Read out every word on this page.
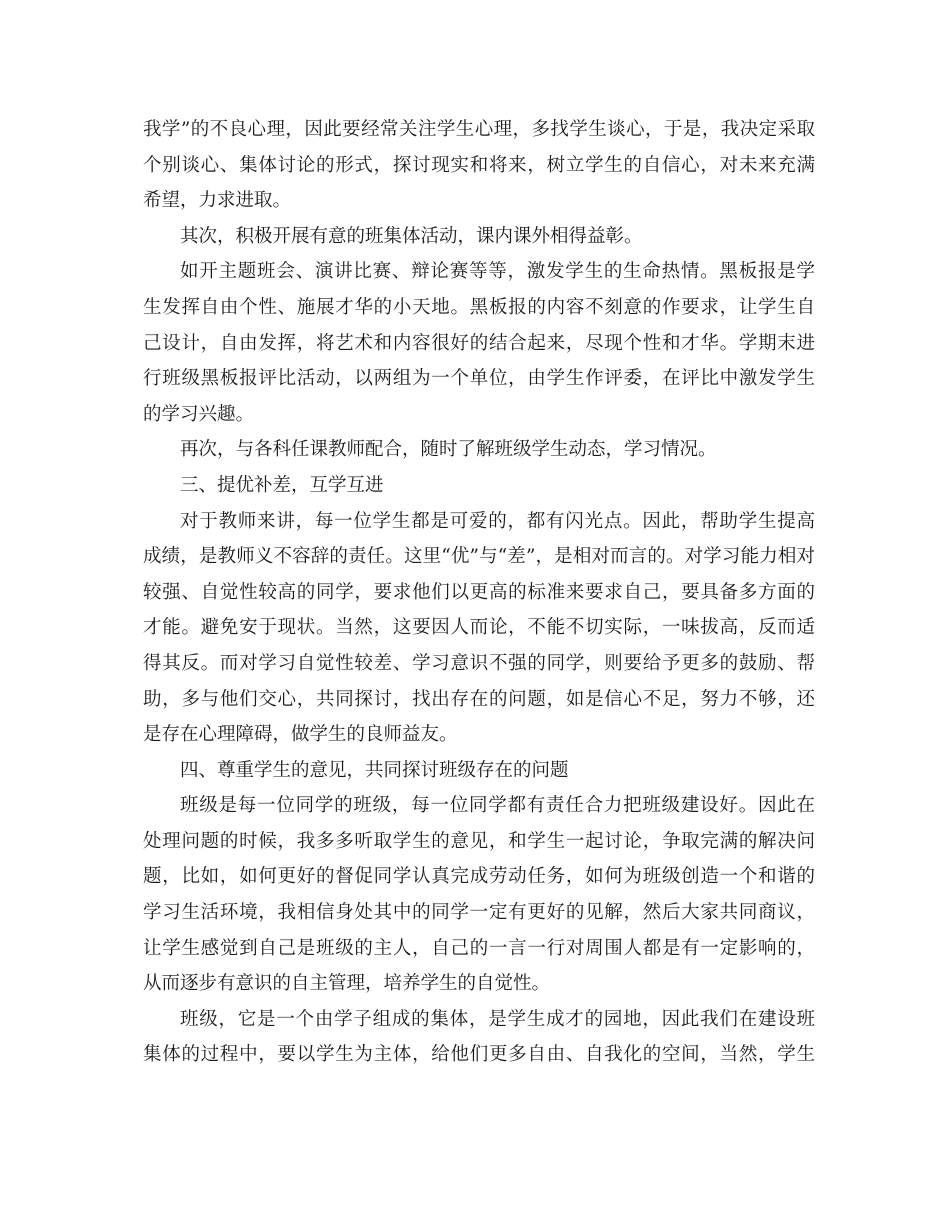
我学”的不良心理，因此要经常关注学生心理，多找学生谈心，于是，我决定采取
个别谈心、集体讨论的形式，探讨现实和将来，树立学生的自信心，对未来充满
希望，力求进取。
其次，积极开展有意的班集体活动，课内课外相得益彰。
如开主题班会、演讲比赛、辩论赛等等，激发学生的生命热情。黑板报是学
生发挥自由个性、施展才华的小天地。黑板报的内容不刻意的作要求，让学生自
己设计，自由发挥，将艺术和内容很好的结合起来，尽现个性和才华。学期末进
行班级黑板报评比活动，以两组为一个单位，由学生作评委，在评比中激发学生
的学习兴趣。
再次，与各科任课教师配合，随时了解班级学生动态，学习情况。
三、提优补差，互学互进
对于教师来讲，每一位学生都是可爱的，都有闪光点。因此，帮助学生提高
成绩，是教师义不容辞的责任。这里“优”与“差”，是相对而言的。对学习能力相对
较强、自觉性较高的同学，要求他们以更高的标准来要求自己，要具备多方面的
才能。避免安于现状。当然，这要因人而论，不能不切实际，一味拔高，反而适
得其反。而对学习自觉性较差、学习意识不强的同学，则要给予更多的鼓励、帮
助，多与他们交心，共同探讨，找出存在的问题，如是信心不足，努力不够，还
是存在心理障碍，做学生的良师益友。
四、尊重学生的意见，共同探讨班级存在的问题
班级是每一位同学的班级，每一位同学都有责任合力把班级建设好。因此在
处理问题的时候，我多多听取学生的意见，和学生一起讨论，争取完满的解决问
题，比如，如何更好的督促同学认真完成劳动任务，如何为班级创造一个和谐的
学习生活环境，我相信身处其中的同学一定有更好的见解，然后大家共同商议，
让学生感觉到自己是班级的主人，自己的一言一行对周围人都是有一定影响的，
从而逐步有意识的自主管理，培养学生的自觉性。
班级，它是一个由学子组成的集体，是学生成才的园地，因此我们在建设班
集体的过程中，要以学生为主体，给他们更多自由、自我化的空间，当然，学生
